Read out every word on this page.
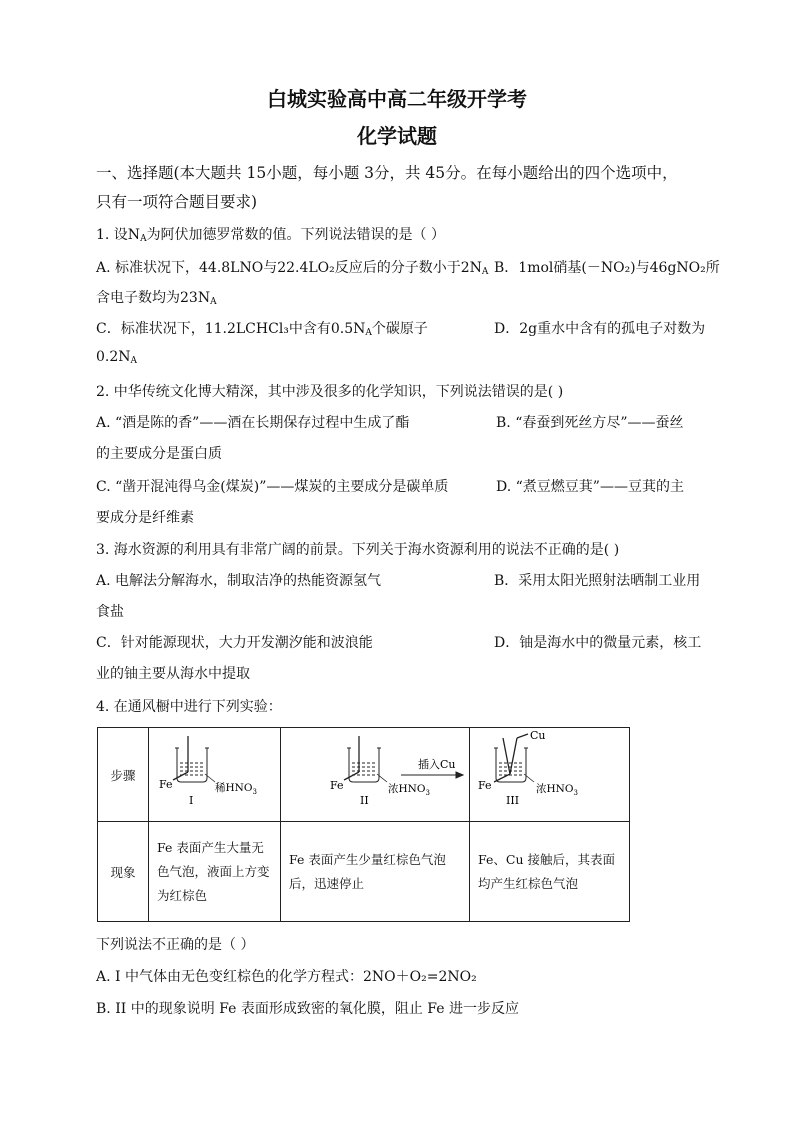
白城实验高中高二年级开学考
化学试题
一、选择题(本大题共 15小题，每小题 3分，共 45分。在每小题给出的四个选项中，
只有一项符合题目要求)
1. 设$N_A$为阿伏加德罗常数的值。下列说法错误的是（ ）
A. 标准状况下，44.8LNO与22.4LO₂反应后的分子数小于$2N_A$ B．1mol硝基(－NO₂)与46gNO₂所
含电子数均为$23N_A$
C．标准状况下，11.2LCHCl₃中含有$0.5N_A$个碳原子	D．2g重水中含有的孤电子对数为
$0.2N_A$
2. 中华传统文化博大精深，其中涉及很多的化学知识，下列说法错误的是( )
A. “酒是陈的香”——酒在长期保存过程中生成了酯	B. “春蚕到死丝方尽”——蚕丝
的主要成分是蛋白质
C. “凿开混沌得乌金(煤炭)”——煤炭的主要成分是碳单质	D. “煮豆燃豆萁”——豆萁的主
要成分是纤维素
3. 海水资源的利用具有非常广阔的前景。下列关于海水资源利用的说法不正确的是( )
A. 电解法分解海水，制取洁净的热能资源氢气	B．采用太阳光照射法晒制工业用
食盐
C．针对能源现状，大力开发潮汐能和波浪能	D．铀是海水中的微量元素，核工
业的铀主要从海水中提取
4. 在通风橱中进行下列实验：
步骤	Fe
I
稀$HNO_3$	Fe
II
浓$HNO_3$
插入Cu	Cu
Fe
III
浓$HNO_3$

现象	Fe 表面产生大量无色气泡，液面上方变为红棕色	Fe 表面产生少量红棕色气泡后，迅速停止	Fe、Cu 接触后，其表面均产生红棕色气泡
下列说法不正确的是（ ）
A. I 中气体由无色变红棕色的化学方程式：2NO＋O₂=2NO₂
B. II 中的现象说明 Fe 表面形成致密的氧化膜，阻止 Fe 进一步反应
